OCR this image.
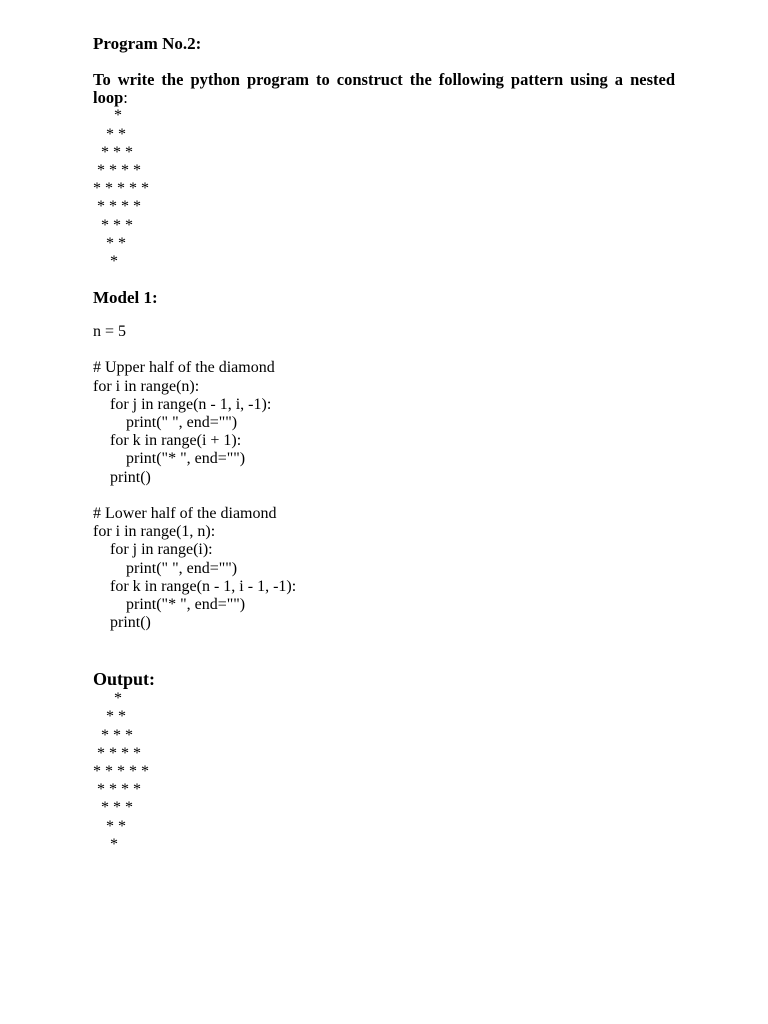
Program No.2:
To write the python program to construct the following pattern using a nested loop:
*
* *
* * *
* * * *
* * * * *
* * * *
* * *
* *
*
Model 1:
n = 5
# Upper half of the diamond
for i in range(n):
for j in range(n - 1, i, -1):
print(" ", end="")
for k in range(i + 1):
print("* ", end="")
print()
# Lower half of the diamond
for i in range(1, n):
for j in range(i):
print(" ", end="")
for k in range(n - 1, i - 1, -1):
print("* ", end="")
print()
Output:
*
* *
* * *
* * * *
* * * * *
* * * *
* * *
* *
*
